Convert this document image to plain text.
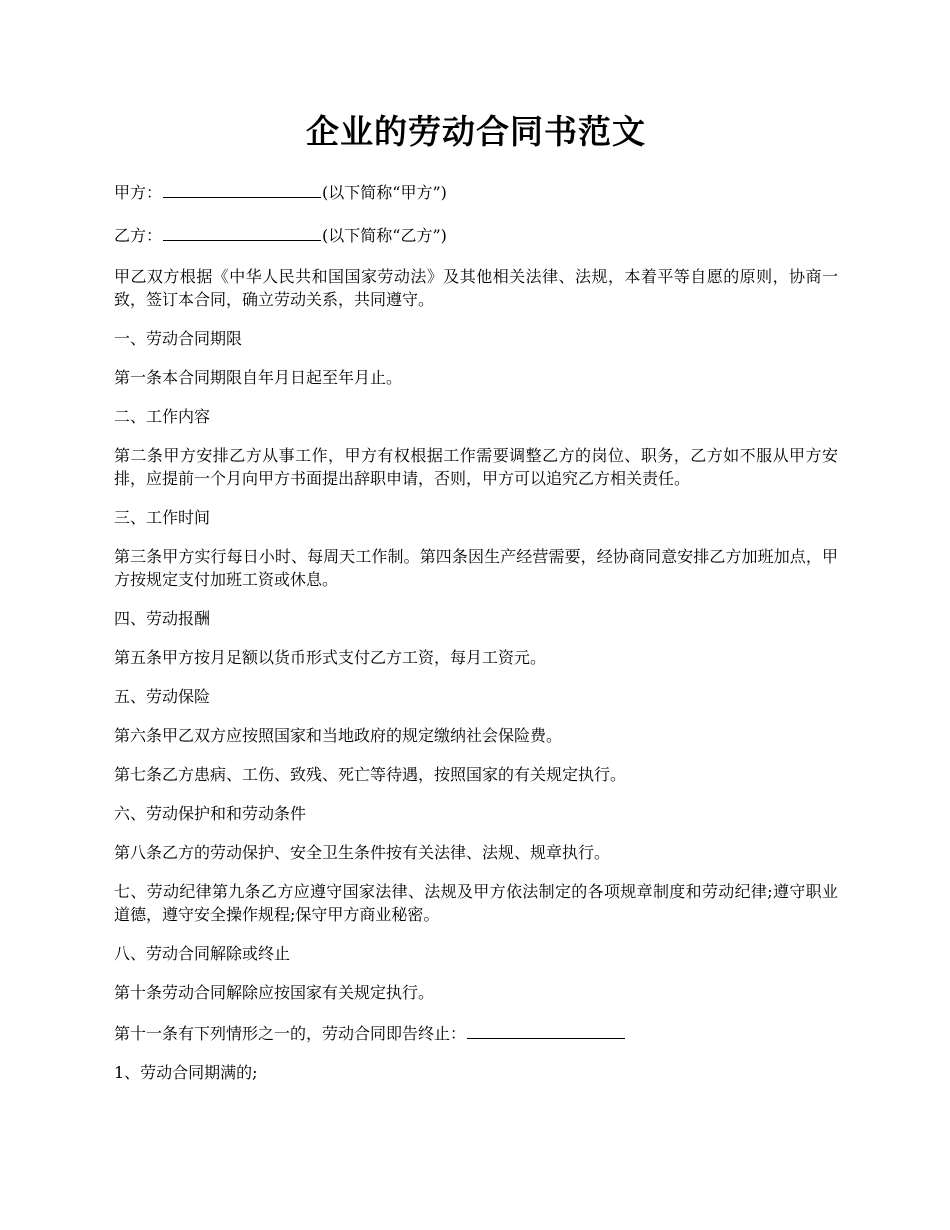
企业的劳动合同书范文

甲方：	(以下简称“甲方”)

乙方：	(以下简称“乙方”)

甲乙双方根据《中华人民共和国国家劳动法》及其他相关法律、法规，本着平等自愿的原则，协商一致，签订本合同，确立劳动关系，共同遵守。

一、劳动合同期限

第一条本合同期限自年月日起至年月止。

二、工作内容

第二条甲方安排乙方从事工作，甲方有权根据工作需要调整乙方的岗位、职务，乙方如不服从甲方安排，应提前一个月向甲方书面提出辞职申请，否则，甲方可以追究乙方相关责任。

三、工作时间

第三条甲方实行每日小时、每周天工作制。第四条因生产经营需要，经协商同意安排乙方加班加点，甲方按规定支付加班工资或休息。

四、劳动报酬

第五条甲方按月足额以货币形式支付乙方工资，每月工资元。

五、劳动保险

第六条甲乙双方应按照国家和当地政府的规定缴纳社会保险费。

第七条乙方患病、工伤、致残、死亡等待遇，按照国家的有关规定执行。

六、劳动保护和和劳动条件

第八条乙方的劳动保护、安全卫生条件按有关法律、法规、规章执行。

七、劳动纪律第九条乙方应遵守国家法律、法规及甲方依法制定的各项规章制度和劳动纪律;遵守职业道德，遵守安全操作规程;保守甲方商业秘密。

八、劳动合同解除或终止

第十条劳动合同解除应按国家有关规定执行。

第十一条有下列情形之一的，劳动合同即告终止：

1、劳动合同期满的;
